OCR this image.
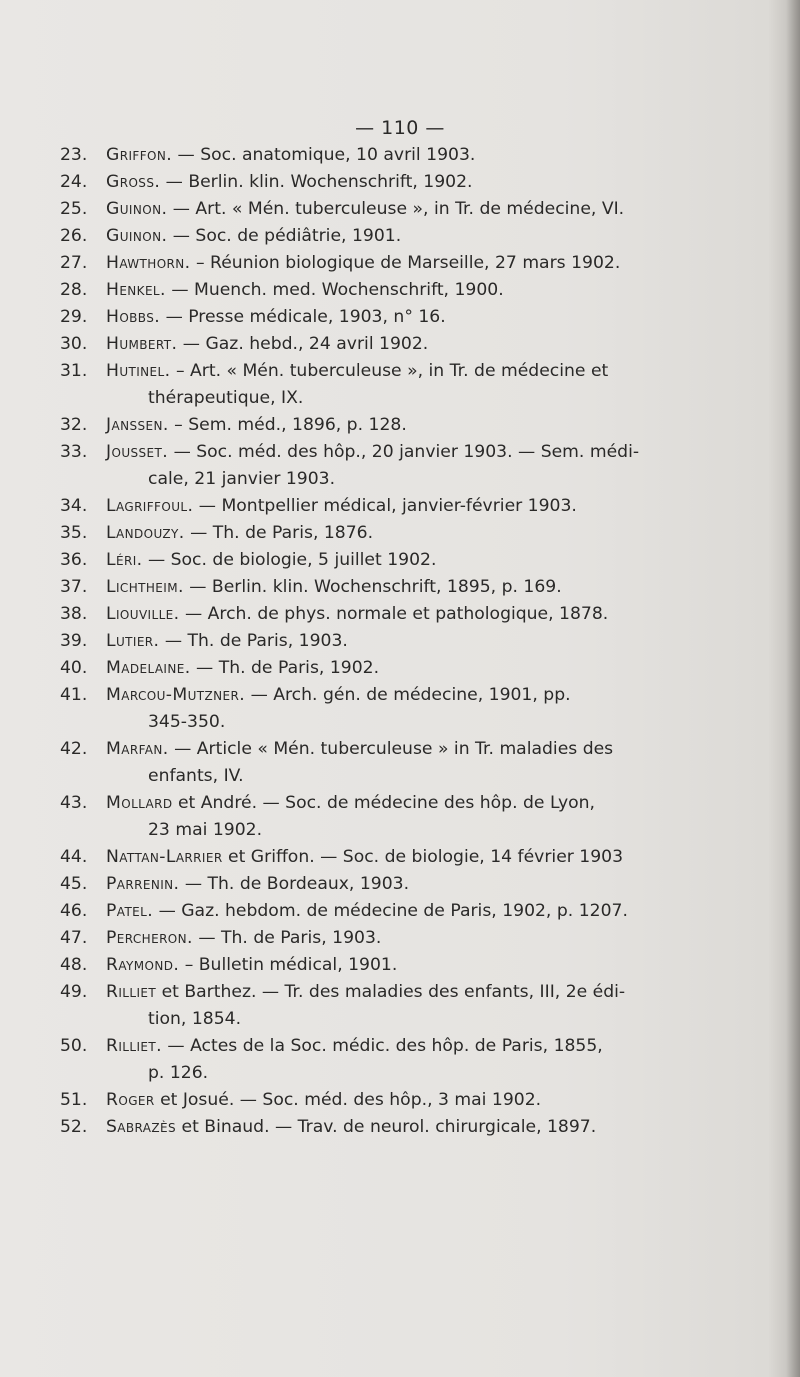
— 110 —
23. Griffon. — Soc. anatomique, 10 avril 1903.
24. Gross. — Berlin. klin. Wochenschrift, 1902.
25. Guinon. — Art. « Mén. tuberculeuse », in Tr. de médecine, VI.
26. Guinon. — Soc. de pédiâtrie, 1901.
27. Hawthorn. – Réunion biologique de Marseille, 27 mars 1902.
28. Henkel. — Muench. med. Wochenschrift, 1900.
29. Hobbs. — Presse médicale, 1903, n° 16.
30. Humbert. — Gaz. hebd., 24 avril 1902.
31. Hutinel. – Art. « Mén. tuberculeuse », in Tr. de médecine et
thérapeutique, IX.
32. Janssen. – Sem. méd., 1896, p. 128.
33. Jousset. — Soc. méd. des hôp., 20 janvier 1903. — Sem. médi-
cale, 21 janvier 1903.
34. Lagriffoul. — Montpellier médical, janvier-février 1903.
35. Landouzy. — Th. de Paris, 1876.
36. Léri. — Soc. de biologie, 5 juillet 1902.
37. Lichtheim. — Berlin. klin. Wochenschrift, 1895, p. 169.
38. Liouville. — Arch. de phys. normale et pathologique, 1878.
39. Lutier. — Th. de Paris, 1903.
40. Madelaine. — Th. de Paris, 1902.
41. Marcou-Mutzner. — Arch. gén. de médecine, 1901, pp.
345-350.
42. Marfan. — Article « Mén. tuberculeuse » in Tr. maladies des
enfants, IV.
43. Mollard et André. — Soc. de médecine des hôp. de Lyon,
23 mai 1902.
44. Nattan-Larrier et Griffon. — Soc. de biologie, 14 février 1903
45. Parrenin. — Th. de Bordeaux, 1903.
46. Patel. — Gaz. hebdom. de médecine de Paris, 1902, p. 1207.
47. Percheron. — Th. de Paris, 1903.
48. Raymond. – Bulletin médical, 1901.
49. Rilliet et Barthez. — Tr. des maladies des enfants, III, 2e édi-
tion, 1854.
50. Rilliet. — Actes de la Soc. médic. des hôp. de Paris, 1855,
p. 126.
51. Roger et Josué. — Soc. méd. des hôp., 3 mai 1902.
52. Sabrazès et Binaud. — Trav. de neurol. chirurgicale, 1897.
